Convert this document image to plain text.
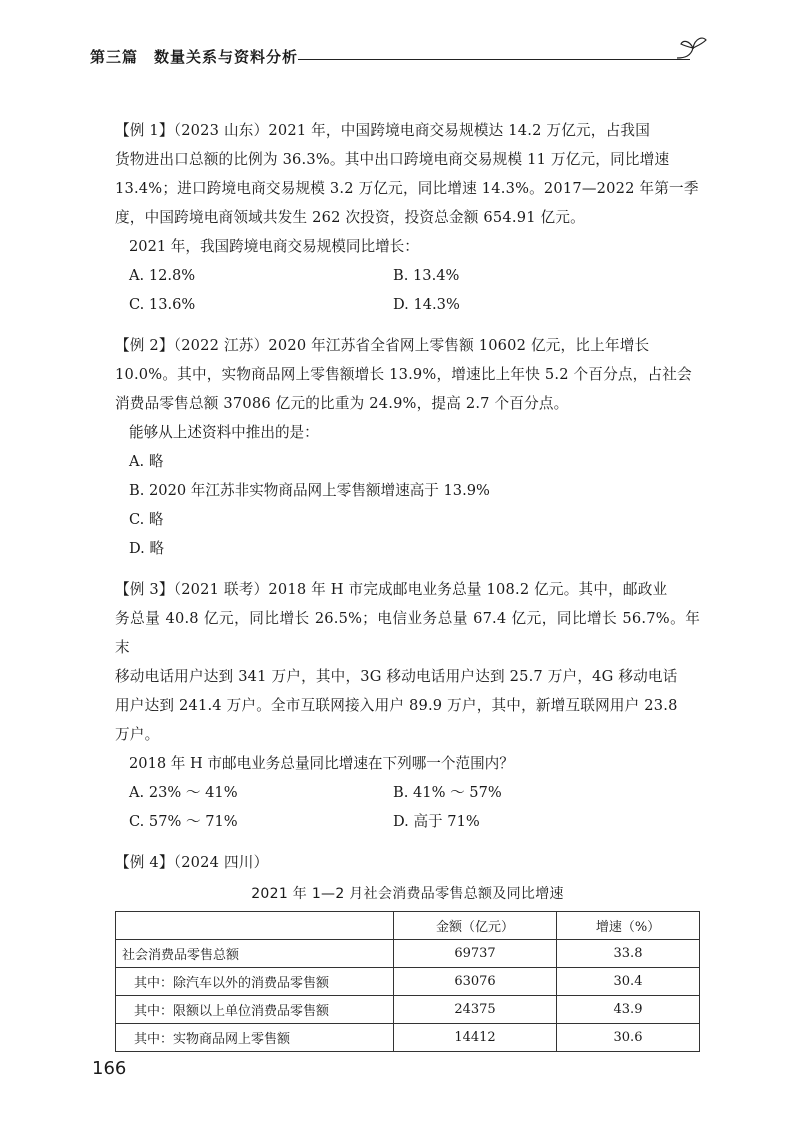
第三篇　数量关系与资料分析

【例 1】（2023 山东）2021 年，中国跨境电商交易规模达 14.2 万亿元，占我国

货物进出口总额的比例为 36.3%。其中出口跨境电商交易规模 11 万亿元，同比增速

13.4%；进口跨境电商交易规模 3.2 万亿元，同比增速 14.3%。2017—2022 年第一季

度，中国跨境电商领域共发生 262 次投资，投资总金额 654.91 亿元。

2021 年，我国跨境电商交易规模同比增长：

A. 12.8%	B. 13.4%
C. 13.6%	D. 14.3%

【例 2】（2022 江苏）2020 年江苏省全省网上零售额 10602 亿元，比上年增长

10.0%。其中，实物商品网上零售额增长 13.9%，增速比上年快 5.2 个百分点，占社会

消费品零售总额 37086 亿元的比重为 24.9%，提高 2.7 个百分点。

能够从上述资料中推出的是：

A. 略

B. 2020 年江苏非实物商品网上零售额增速高于 13.9%

C. 略

D. 略

【例 3】（2021 联考）2018 年 H 市完成邮电业务总量 108.2 亿元。其中，邮政业

务总量 40.8 亿元，同比增长 26.5%；电信业务总量 67.4 亿元，同比增长 56.7%。年末

移动电话用户达到 341 万户，其中，3G 移动电话用户达到 25.7 万户，4G 移动电话

用户达到 241.4 万户。全市互联网接入用户 89.9 万户，其中，新增互联网用户 23.8

万户。

2018 年 H 市邮电业务总量同比增速在下列哪一个范围内？

A. 23% ～ 41%	B. 41% ～ 57%
C. 57% ～ 71%	D. 高于 71%

【例 4】（2024 四川）

2021 年 1—2 月社会消费品零售总额及同比增速
	金额（亿元）	增速（%）
社会消费品零售总额	69737	33.8
其中：除汽车以外的消费品零售额	63076	30.4
其中：限额以上单位消费品零售额	24375	43.9
其中：实物商品网上零售额	14412	30.6
166
